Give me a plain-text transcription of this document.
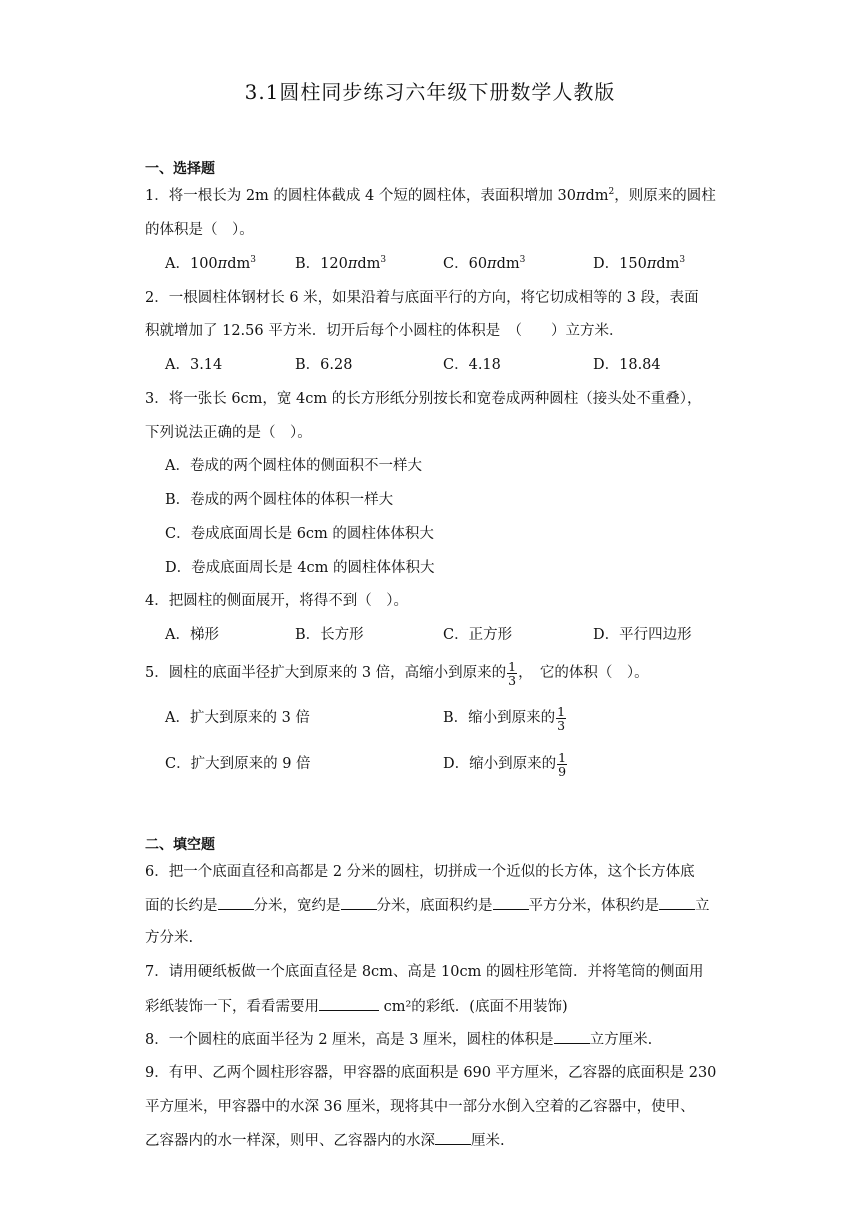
3.1圆柱同步练习六年级下册数学人教版
一、选择题
1．将一根长为 2m 的圆柱体截成 4 个短的圆柱体，表面积增加 30πdm$^2$，则原来的圆柱
的体积是（　）。
A．100πdm$^3$	B．120πdm$^3$	C．60πdm$^3$	D．150πdm$^3$
2．一根圆柱体钢材长 6 米，如果沿着与底面平行的方向，将它切成相等的 3 段，表面
积就增加了 12.56 平方米．切开后每个小圆柱的体积是　（　　）立方米．
A．3.14	B．6.28	C．4.18	D．18.84
3．将一张长 6cm，宽 4cm 的长方形纸分别按长和宽卷成两种圆柱（接头处不重叠），
下列说法正确的是（　）。
A．卷成的两个圆柱体的侧面积不一样大
B．卷成的两个圆柱体的体积一样大
C．卷成底面周长是 6cm 的圆柱体体积大
D．卷成底面周长是 4cm 的圆柱体体积大
4．把圆柱的侧面展开，将得不到（　）。
A．梯形	B．长方形	C．正方形	D．平行四边形
5．圆柱的底面半径扩大到原来的 3 倍，高缩小到原来的 $\frac{1}{3}$ ，　它的体积（　）。
A．扩大到原来的 3 倍	B．缩小到原来的 $\frac{1}{3}$
C．扩大到原来的 9 倍	D．缩小到原来的 $\frac{1}{9}$
二、填空题
6．把一个底面直径和高都是 2 分米的圆柱，切拼成一个近似的长方体，这个长方体底
面的长约是 分米，宽约是 分米，底面积约是 平方分米，体积约是 立
方分米.
7．请用硬纸板做一个底面直径是 8cm、高是 10cm 的圆柱形笔筒．并将笔筒的侧面用
彩纸装饰一下，看看需要用	cm²的彩纸．(底面不用装饰)
8．一个圆柱的底面半径为 2 厘米，高是 3 厘米，圆柱的体积是 立方厘米.
9．有甲、乙两个圆柱形容器，甲容器的底面积是 690 平方厘米，乙容器的底面积是 230
平方厘米，甲容器中的水深 36 厘米，现将其中一部分水倒入空着的乙容器中，使甲、
乙容器内的水一样深，则甲、乙容器内的水深 厘米.
